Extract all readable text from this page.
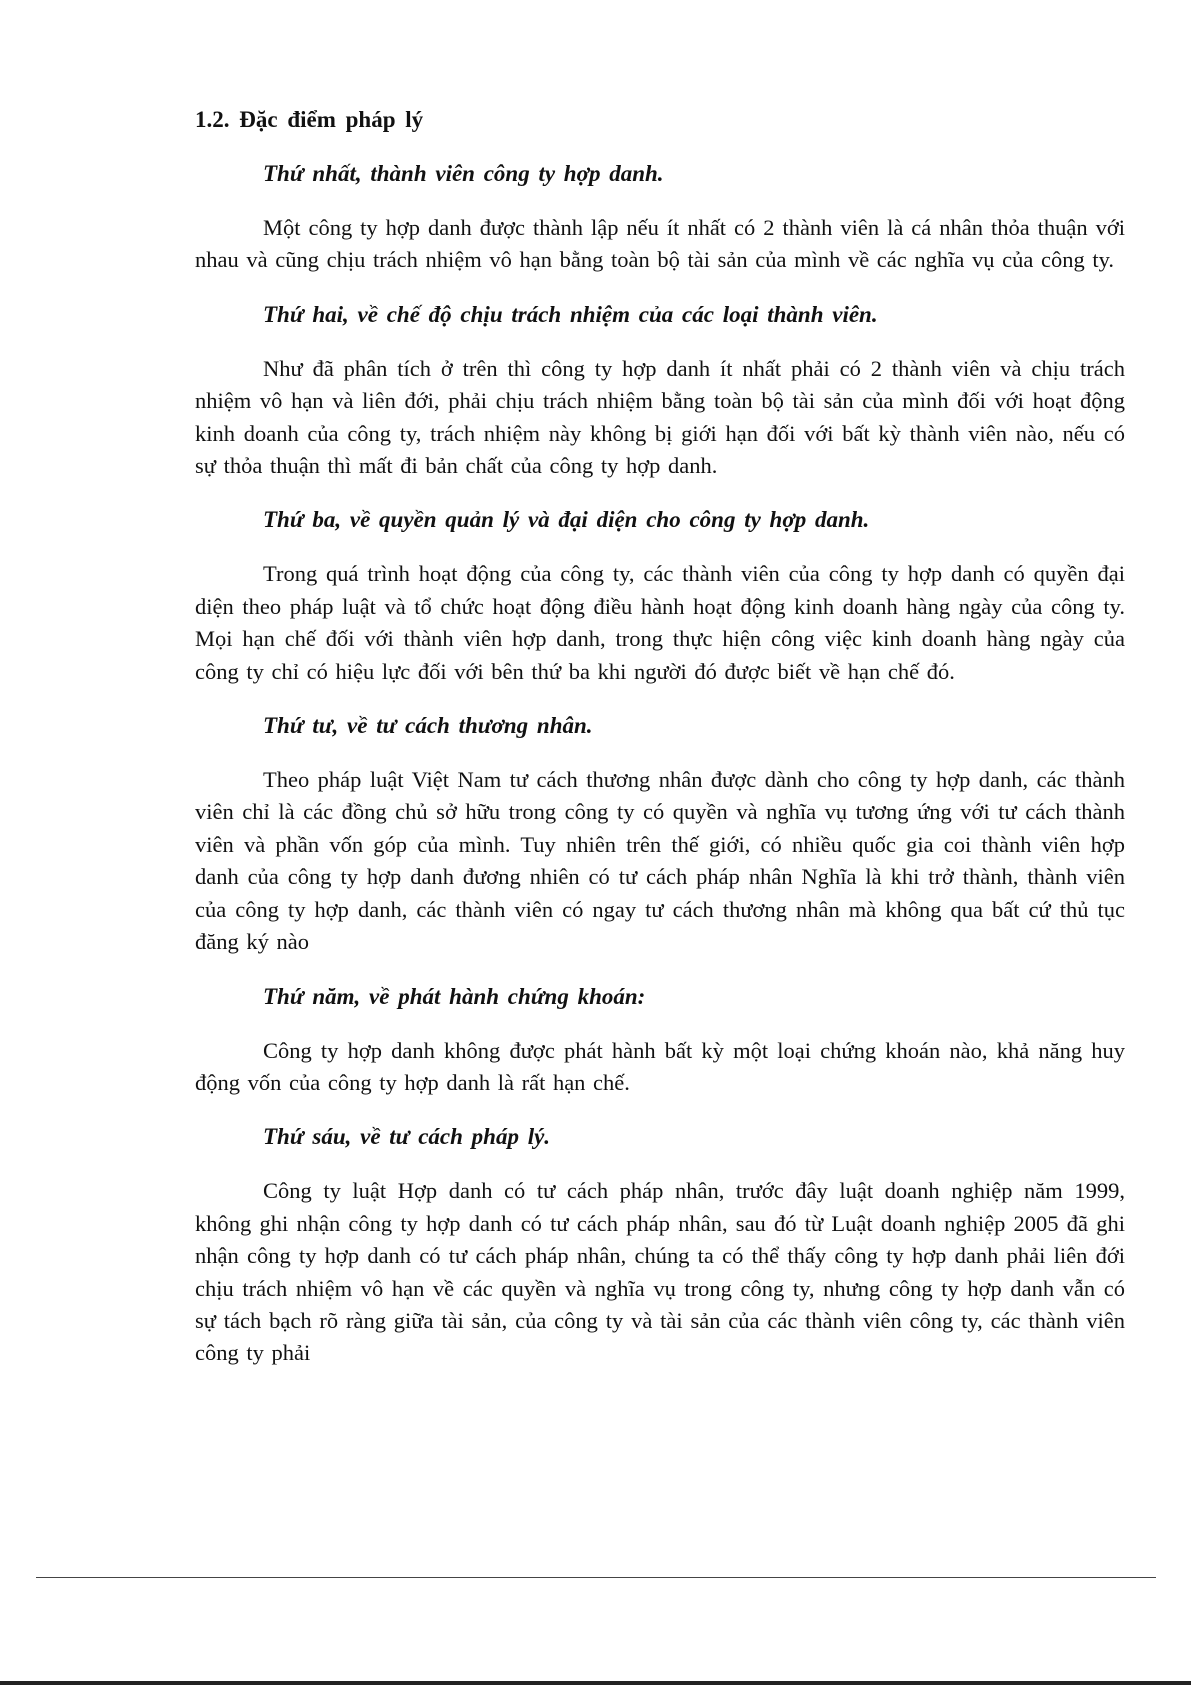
1.2. Đặc điểm pháp lý
Thứ nhất, thành viên công ty hợp danh.

Một công ty hợp danh được thành lập nếu ít nhất có 2 thành viên là cá nhân thỏa thuận với nhau và cũng chịu trách nhiệm vô hạn bằng toàn bộ tài sản của mình về các nghĩa vụ của công ty.

Thứ hai, về chế độ chịu trách nhiệm của các loại thành viên.

Như đã phân tích ở trên thì công ty hợp danh ít nhất phải có 2 thành viên và chịu trách nhiệm vô hạn và liên đới, phải chịu trách nhiệm bằng toàn bộ tài sản của mình đối với hoạt động kinh doanh của công ty, trách nhiệm này không bị giới hạn đối với bất kỳ thành viên nào, nếu có sự thỏa thuận thì mất đi bản chất của công ty hợp danh.

Thứ ba, về quyền quản lý và đại diện cho công ty hợp danh.

Trong quá trình hoạt động của công ty, các thành viên của công ty hợp danh có quyền đại diện theo pháp luật và tổ chức hoạt động điều hành hoạt động kinh doanh hàng ngày của công ty. Mọi hạn chế đối với thành viên hợp danh, trong thực hiện công việc kinh doanh hàng ngày của công ty chỉ có hiệu lực đối với bên thứ ba khi người đó được biết về hạn chế đó.

Thứ tư, về tư cách thương nhân.

Theo pháp luật Việt Nam tư cách thương nhân được dành cho công ty hợp danh, các thành viên chỉ là các đồng chủ sở hữu trong công ty có quyền và nghĩa vụ tương ứng với tư cách thành viên và phần vốn góp của mình. Tuy nhiên trên thế giới, có nhiều quốc gia coi thành viên hợp danh của công ty hợp danh đương nhiên có tư cách pháp nhân Nghĩa là khi trở thành, thành viên của công ty hợp danh, các thành viên có ngay tư cách thương nhân mà không qua bất cứ thủ tục đăng ký nào

Thứ năm, về phát hành chứng khoán:

Công ty hợp danh không được phát hành bất kỳ một loại chứng khoán nào, khả năng huy động vốn của công ty hợp danh là rất hạn chế.

Thứ sáu, về tư cách pháp lý.

Công ty luật Hợp danh có tư cách pháp nhân, trước đây luật doanh nghiệp năm 1999, không ghi nhận công ty hợp danh có tư cách pháp nhân, sau đó từ Luật doanh nghiệp 2005 đã ghi nhận công ty hợp danh có tư cách pháp nhân, chúng ta có thể thấy công ty hợp danh phải liên đới chịu trách nhiệm vô hạn về các quyền và nghĩa vụ trong công ty, nhưng công ty hợp danh vẫn có sự tách bạch rõ ràng giữa tài sản, của công ty và tài sản của các thành viên công ty, các thành viên công ty phải
